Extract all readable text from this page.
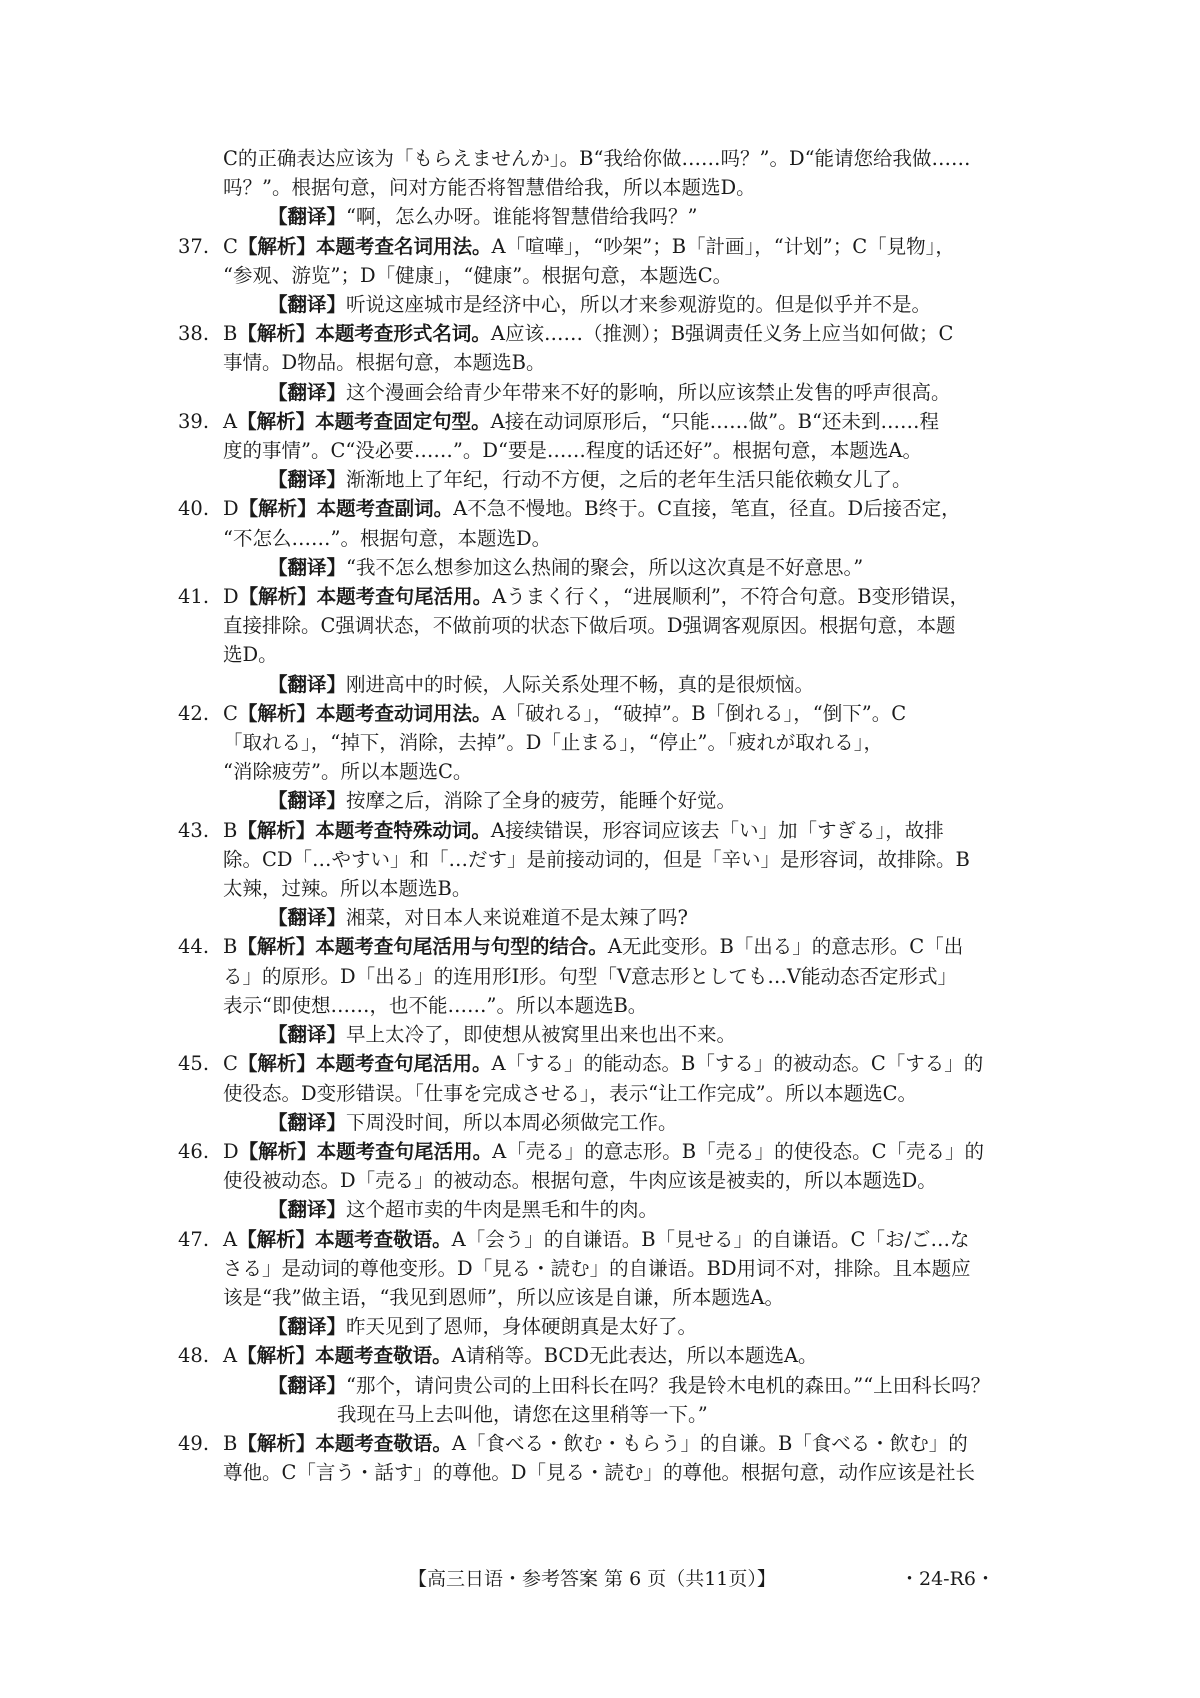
C的正确表达应该为「もらえませんか」。B“我给你做……吗？”。D“能请您给我做……
吗？”。根据句意，问对方能否将智慧借给我，所以本题选D。
【翻译】“啊，怎么办呀。谁能将智慧借给我吗？”
37. C【解析】本题考查名词用法。A「喧嘩」，“吵架”；B「計画」，“计划”；C「見物」，
“参观、游览”；D「健康」，“健康”。根据句意，本题选C。
【翻译】听说这座城市是经济中心，所以才来参观游览的。但是似乎并不是。
38. B【解析】本题考查形式名词。A应该……（推测）；B强调责任义务上应当如何做；C
事情。D物品。根据句意，本题选B。
【翻译】这个漫画会给青少年带来不好的影响，所以应该禁止发售的呼声很高。
39. A【解析】本题考查固定句型。A接在动词原形后，“只能……做”。B“还未到……程
度的事情”。C“没必要……”。D“要是……程度的话还好”。根据句意，本题选A。
【翻译】渐渐地上了年纪，行动不方便，之后的老年生活只能依赖女儿了。
40. D【解析】本题考查副词。A不急不慢地。B终于。C直接，笔直，径直。D后接否定，
“不怎么……”。根据句意，本题选D。
【翻译】“我不怎么想参加这么热闹的聚会，所以这次真是不好意思。”
41. D【解析】本题考查句尾活用。Aうまく行く，“进展顺利”，不符合句意。B变形错误，
直接排除。C强调状态，不做前项的状态下做后项。D强调客观原因。根据句意，本题
选D。
【翻译】刚进高中的时候，人际关系处理不畅，真的是很烦恼。
42. C【解析】本题考查动词用法。A「破れる」，“破掉”。B「倒れる」，“倒下”。C
「取れる」，“掉下，消除，去掉”。D「止まる」，“停止”。「疲れが取れる」，
“消除疲劳”。所以本题选C。
【翻译】按摩之后，消除了全身的疲劳，能睡个好觉。
43. B【解析】本题考查特殊动词。A接续错误，形容词应该去「い」加「すぎる」，故排
除。CD「…やすい」和「…だす」是前接动词的，但是「辛い」是形容词，故排除。B
太辣，过辣。所以本题选B。
【翻译】湘菜，对日本人来说难道不是太辣了吗?
44. B【解析】本题考查句尾活用与句型的结合。A无此变形。B「出る」的意志形。C「出
る」的原形。D「出る」的连用形Ⅰ形。句型「V意志形としても…V能动态否定形式」
表示“即使想……，也不能……”。所以本题选B。
【翻译】早上太冷了，即使想从被窝里出来也出不来。
45. C【解析】本题考查句尾活用。A「する」的能动态。B「する」的被动态。C「する」的
使役态。D变形错误。「仕事を完成させる」，表示“让工作完成”。所以本题选C。
【翻译】下周没时间，所以本周必须做完工作。
46. D【解析】本题考查句尾活用。A「売る」的意志形。B「売る」的使役态。C「売る」的
使役被动态。D「売る」的被动态。根据句意，牛肉应该是被卖的，所以本题选D。
【翻译】这个超市卖的牛肉是黑毛和牛的肉。
47. A【解析】本题考查敬语。A「会う」的自谦语。B「見せる」的自谦语。C「お/ご…な
さる」是动词的尊他变形。D「見る・読む」的自谦语。BD用词不对，排除。且本题应
该是“我”做主语，“我见到恩师”，所以应该是自谦，所本题选A。
【翻译】昨天见到了恩师，身体硬朗真是太好了。
48. A【解析】本题考查敬语。A请稍等。BCD无此表达，所以本题选A。
【翻译】“那个，请问贵公司的上田科长在吗？我是铃木电机的森田。”“上田科长吗？
我现在马上去叫他，请您在这里稍等一下。”
49. B【解析】本题考查敬语。A「食べる・飲む・もらう」的自谦。B「食べる・飲む」的
尊他。C「言う・話す」的尊他。D「見る・読む」的尊他。根据句意，动作应该是社长
【高三日语・参考答案 第 6 页（共11页）】	・24-R6・
